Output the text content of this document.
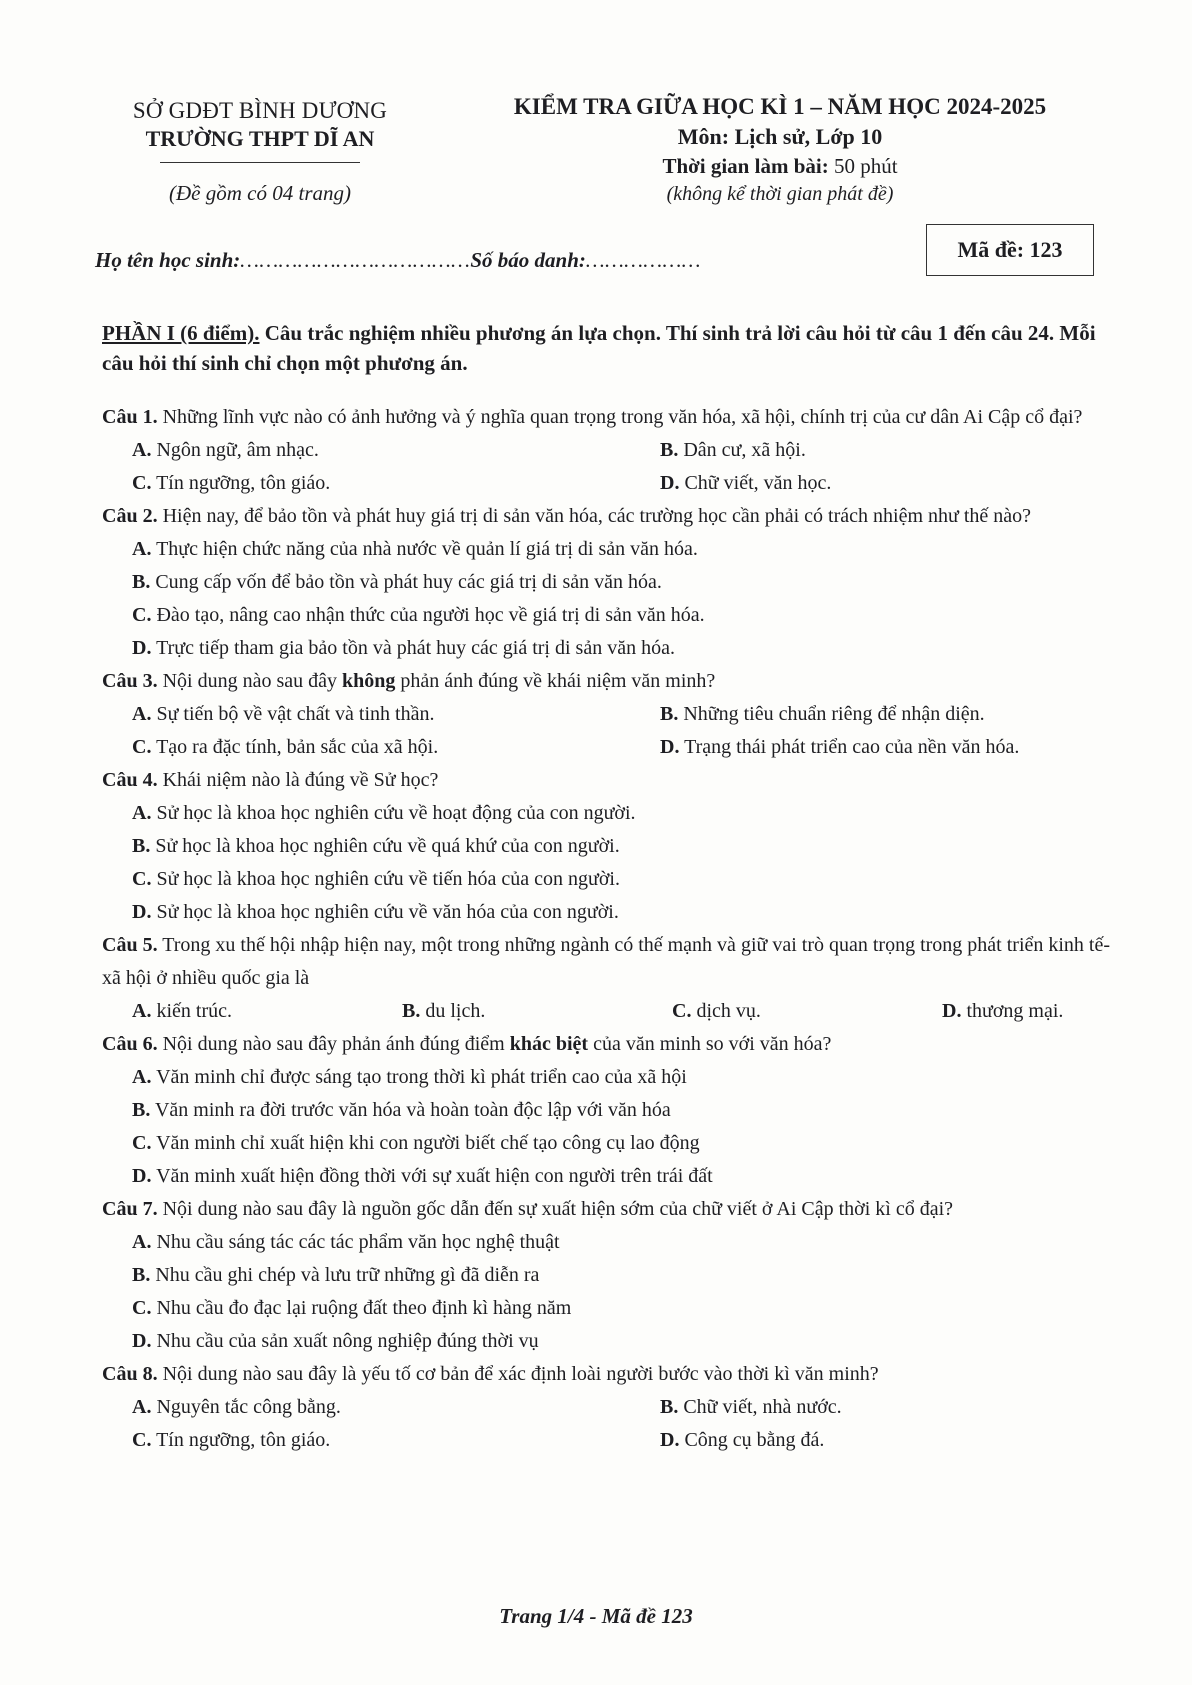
SỞ GDĐT BÌNH DƯƠNG
TRƯỜNG THPT DĨ AN
(Đề gồm có 04 trang)
KIỂM TRA GIỮA HỌC KÌ 1 – NĂM HỌC 2024-2025
Môn: Lịch sử, Lớp 10
Thời gian làm bài: 50 phút
(không kể thời gian phát đề)
Họ tên học sinh:………………………………Số báo danh:………………	Mã đề: 123
PHẦN I (6 điểm). Câu trắc nghiệm nhiều phương án lựa chọn. Thí sinh trả lời câu hỏi từ câu 1 đến câu 24. Mỗi câu hỏi thí sinh chỉ chọn một phương án.
Câu 1. Những lĩnh vực nào có ảnh hưởng và ý nghĩa quan trọng trong văn hóa, xã hội, chính trị của cư dân Ai Cập cổ đại?
A. Ngôn ngữ, âm nhạc.	B. Dân cư, xã hội.
C. Tín ngưỡng, tôn giáo.	D. Chữ viết, văn học.
Câu 2. Hiện nay, để bảo tồn và phát huy giá trị di sản văn hóa, các trường học cần phải có trách nhiệm như thế nào?
A. Thực hiện chức năng của nhà nước về quản lí giá trị di sản văn hóa.
B. Cung cấp vốn để bảo tồn và phát huy các giá trị di sản văn hóa.
C. Đào tạo, nâng cao nhận thức của người học về giá trị di sản văn hóa.
D. Trực tiếp tham gia bảo tồn và phát huy các giá trị di sản văn hóa.
Câu 3. Nội dung nào sau đây không phản ánh đúng về khái niệm văn minh?
A. Sự tiến bộ về vật chất và tinh thần.	B. Những tiêu chuẩn riêng để nhận diện.
C. Tạo ra đặc tính, bản sắc của xã hội.	D. Trạng thái phát triển cao của nền văn hóa.
Câu 4. Khái niệm nào là đúng về Sử học?
A. Sử học là khoa học nghiên cứu về hoạt động của con người.
B. Sử học là khoa học nghiên cứu về quá khứ của con người.
C. Sử học là khoa học nghiên cứu về tiến hóa của con người.
D. Sử học là khoa học nghiên cứu về văn hóa của con người.
Câu 5. Trong xu thế hội nhập hiện nay, một trong những ngành có thế mạnh và giữ vai trò quan trọng trong phát triển kinh tế- xã hội ở nhiều quốc gia là
A. kiến trúc.	B. du lịch.	C. dịch vụ.	D. thương mại.
Câu 6. Nội dung nào sau đây phản ánh đúng điểm khác biệt của văn minh so với văn hóa?
A. Văn minh chỉ được sáng tạo trong thời kì phát triển cao của xã hội
B. Văn minh ra đời trước văn hóa và hoàn toàn độc lập với văn hóa
C. Văn minh chỉ xuất hiện khi con người biết chế tạo công cụ lao động
D. Văn minh xuất hiện đồng thời với sự xuất hiện con người trên trái đất
Câu 7. Nội dung nào sau đây là nguồn gốc dẫn đến sự xuất hiện sớm của chữ viết ở Ai Cập thời kì cổ đại?
A. Nhu cầu sáng tác các tác phẩm văn học nghệ thuật
B. Nhu cầu ghi chép và lưu trữ những gì đã diễn ra
C. Nhu cầu đo đạc lại ruộng đất theo định kì hàng năm
D. Nhu cầu của sản xuất nông nghiệp đúng thời vụ
Câu 8. Nội dung nào sau đây là yếu tố cơ bản để xác định loài người bước vào thời kì văn minh?
A. Nguyên tắc công bằng.	B. Chữ viết, nhà nước.
C. Tín ngưỡng, tôn giáo.	D. Công cụ bằng đá.
Trang 1/4 - Mã đề 123
